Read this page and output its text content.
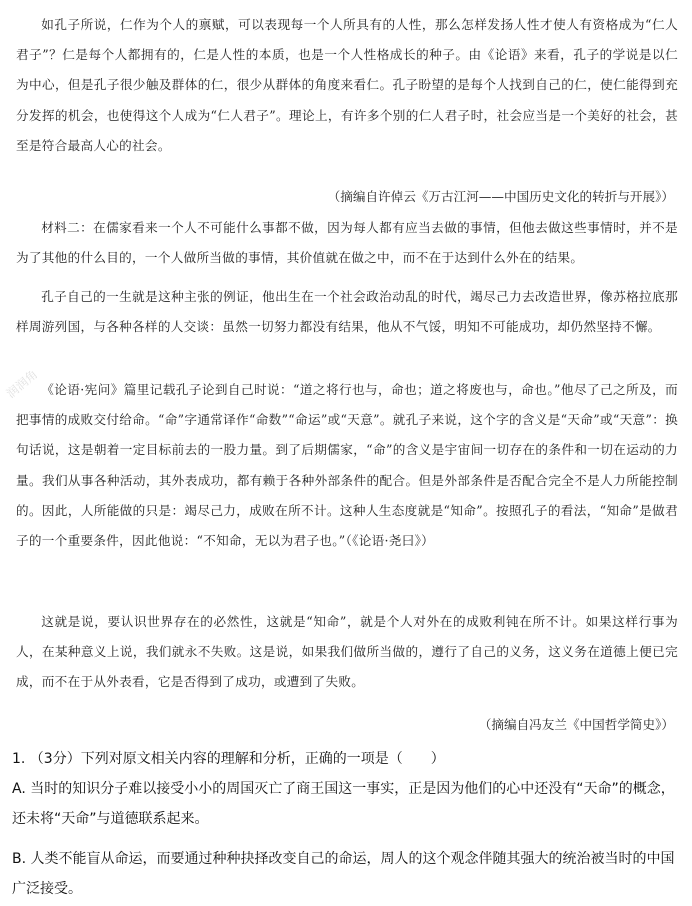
润润角
如孔子所说，仁作为个人的禀赋，可以表现每一个人所具有的人性，那么怎样发扬人性才使人有资格成为“仁人君子”？仁是每个人都拥有的，仁是人性的本质，也是一个人性格成长的种子。由《论语》来看，孔子的学说是以仁为中心，但是孔子很少触及群体的仁，很少从群体的角度来看仁。孔子盼望的是每个人找到自己的仁，使仁能得到充分发挥的机会，也使得这个人成为“仁人君子”。理论上，有许多个别的仁人君子时，社会应当是一个美好的社会，甚至是符合最高人心的社会。
（摘编自许倬云《万古江河——中国历史文化的转折与开展》）
材料二：在儒家看来一个人不可能什么事都不做，因为每人都有应当去做的事情，但他去做这些事情时，并不是为了其他的什么目的，一个人做所当做的事情，其价值就在做之中，而不在于达到什么外在的结果。
孔子自己的一生就是这种主张的例证，他出生在一个社会政治动乱的时代，竭尽己力去改造世界，像苏格拉底那样周游列国，与各种各样的人交谈：虽然一切努力都没有结果，他从不气馁，明知不可能成功，却仍然坚持不懈。
《论语·宪问》篇里记载孔子论到自己时说：“道之将行也与，命也；道之将废也与，命也。”他尽了己之所及，而把事情的成败交付给命。“命”字通常译作“命数”“命运”或“天意”。就孔子来说，这个字的含义是“天命”或“天意”：换句话说，这是朝着一定目标前去的一股力量。到了后期儒家，“命”的含义是宇宙间一切存在的条件和一切在运动的力量。我们从事各种活动，其外表成功，都有赖于各种外部条件的配合。但是外部条件是否配合完全不是人力所能控制的。因此，人所能做的只是：竭尽己力，成败在所不计。这种人生态度就是“知命”。按照孔子的看法，“知命”是做君子的一个重要条件，因此他说：“不知命，无以为君子也。”（《论语·尧曰》）
这就是说，要认识世界存在的必然性，这就是“知命”，就是个人对外在的成败利钝在所不计。如果这样行事为人，在某种意义上说，我们就永不失败。这是说，如果我们做所当做的，遵行了自己的义务，这义务在道德上便已完成，而不在于从外表看，它是否得到了成功，或遭到了失败。
（摘编自冯友兰《中国哲学简史》）
1. （3分）下列对原文相关内容的理解和分析，正确的一项是（　　）
A. 当时的知识分子难以接受小小的周国灭亡了商王国这一事实，正是因为他们的心中还没有“天命”的概念，还未将“天命”与道德联系起来。
B. 人类不能盲从命运，而要通过种种抉择改变自己的命运，周人的这个观念伴随其强大的统治被当时的中国广泛接受。
